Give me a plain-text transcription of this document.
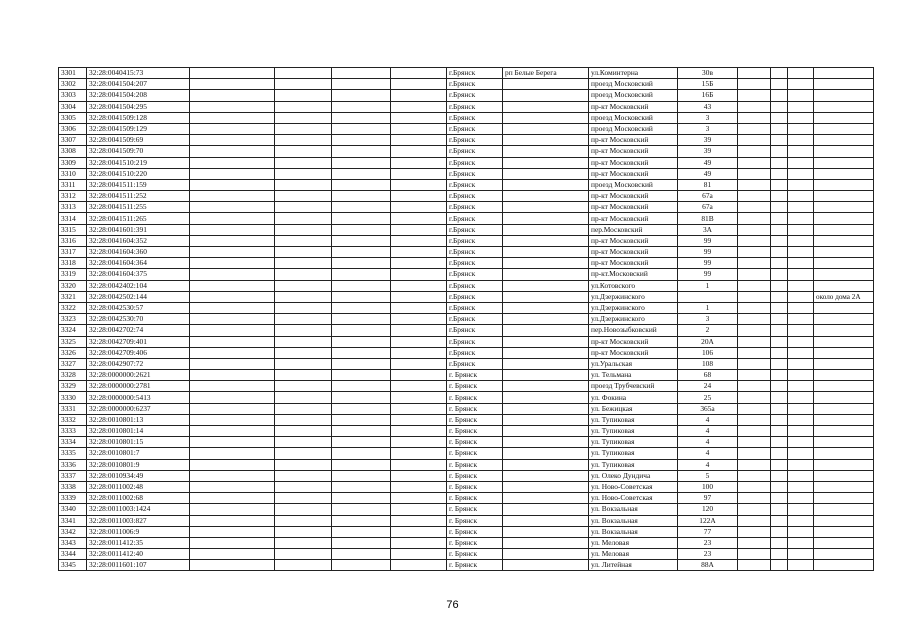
3301	32:28:0040415:73					г.Брянск	рп Белые Берега	ул.Коминтерна	30в				
3302	32:28:0041504:207					г.Брянск		проезд Московский	15Б				
3303	32:28:0041504:208					г.Брянск		проезд Московский	16Б				
3304	32:28:0041504:295					г.Брянск		пр-кт Московский	43				
3305	32:28:0041509:128					г.Брянск		проезд Московский	3				
3306	32:28:0041509:129					г.Брянск		проезд Московский	3				
3307	32:28:0041509:69					г.Брянск		пр-кт Московский	39				
3308	32:28:0041509:70					г.Брянск		пр-кт Московский	39				
3309	32:28:0041510:219					г.Брянск		пр-кт Московский	49				
3310	32:28:0041510:220					г.Брянск		пр-кт Московский	49				
3311	32:28:0041511:159					г.Брянск		проезд Московский	81				
3312	32:28:0041511:252					г.Брянск		пр-кт Московский	67а				
3313	32:28:0041511:255					г.Брянск		пр-кт Московский	67а				
3314	32:28:0041511:265					г.Брянск		пр-кт Московский	81В				
3315	32:28:0041601:391					г.Брянск		пер.Московский	3А				
3316	32:28:0041604:352					г.Брянск		пр-кт Московский	99				
3317	32:28:0041604:360					г.Брянск		пр-кт Московский	99				
3318	32:28:0041604:364					г.Брянск		пр-кт Московский	99				
3319	32:28:0041604:375					г.Брянск		пр-кт.Московский	99				
3320	32:28:0042402:104					г.Брянск		ул.Котовского	1				
3321	32:28:0042502:144					г.Брянск		ул.Дзержинского					около дома 2А
3322	32:28:0042530:57					г.Брянск		ул.Дзержинского	1				
3323	32:28:0042530:70					г.Брянск		ул.Дзержинского	3				
3324	32:28:0042702:74					г.Брянск		пер.Новозыбковский	2				
3325	32:28:0042709:401					г.Брянск		пр-кт Московский	20А				
3326	32:28:0042709:406					г.Брянск		пр-кт Московский	106				
3327	32:28:0042907:72					г.Брянск		ул.Уральская	108				
3328	32:28:0000000:2621					г. Брянск		ул. Тельмана	68				
3329	32:28:0000000:2781					г. Брянск		проезд Трубчевский	24				
3330	32:28:0000000:5413					г. Брянск		ул. Фокина	25				
3331	32:28:0000000:6237					г. Брянск		ул. Бежицкая	365а				
3332	32:28:0010801:13					г. Брянск		ул. Тупиковая	4				
3333	32:28:0010801:14					г. Брянск		ул. Тупиковая	4				
3334	32:28:0010801:15					г. Брянск		ул. Тупиковая	4				
3335	32:28:0010801:7					г. Брянск		ул. Тупиковая	4				
3336	32:28:0010801:9					г. Брянск		ул. Тупиковая	4				
3337	32:28:0010934:49					г. Брянск		ул. Олеко Дундича	5				
3338	32:28:0011002:48					г. Брянск		ул. Ново-Советская	100				
3339	32:28:0011002:68					г. Брянск		ул. Ново-Советская	97				
3340	32:28:0011003:1424					г. Брянск		ул. Вокзальная	120				
3341	32:28:0011003:827					г. Брянск		ул. Вокзальная	122А				
3342	32:28:0011006:9					г. Брянск		ул. Вокзальная	77				
3343	32:28:0011412:35					г. Брянск		ул. Меловая	23				
3344	32:28:0011412:40					г. Брянск		ул. Меловая	23				
3345	32:28:0011601:107					г. Брянск		ул. Литейная	88А				
76
